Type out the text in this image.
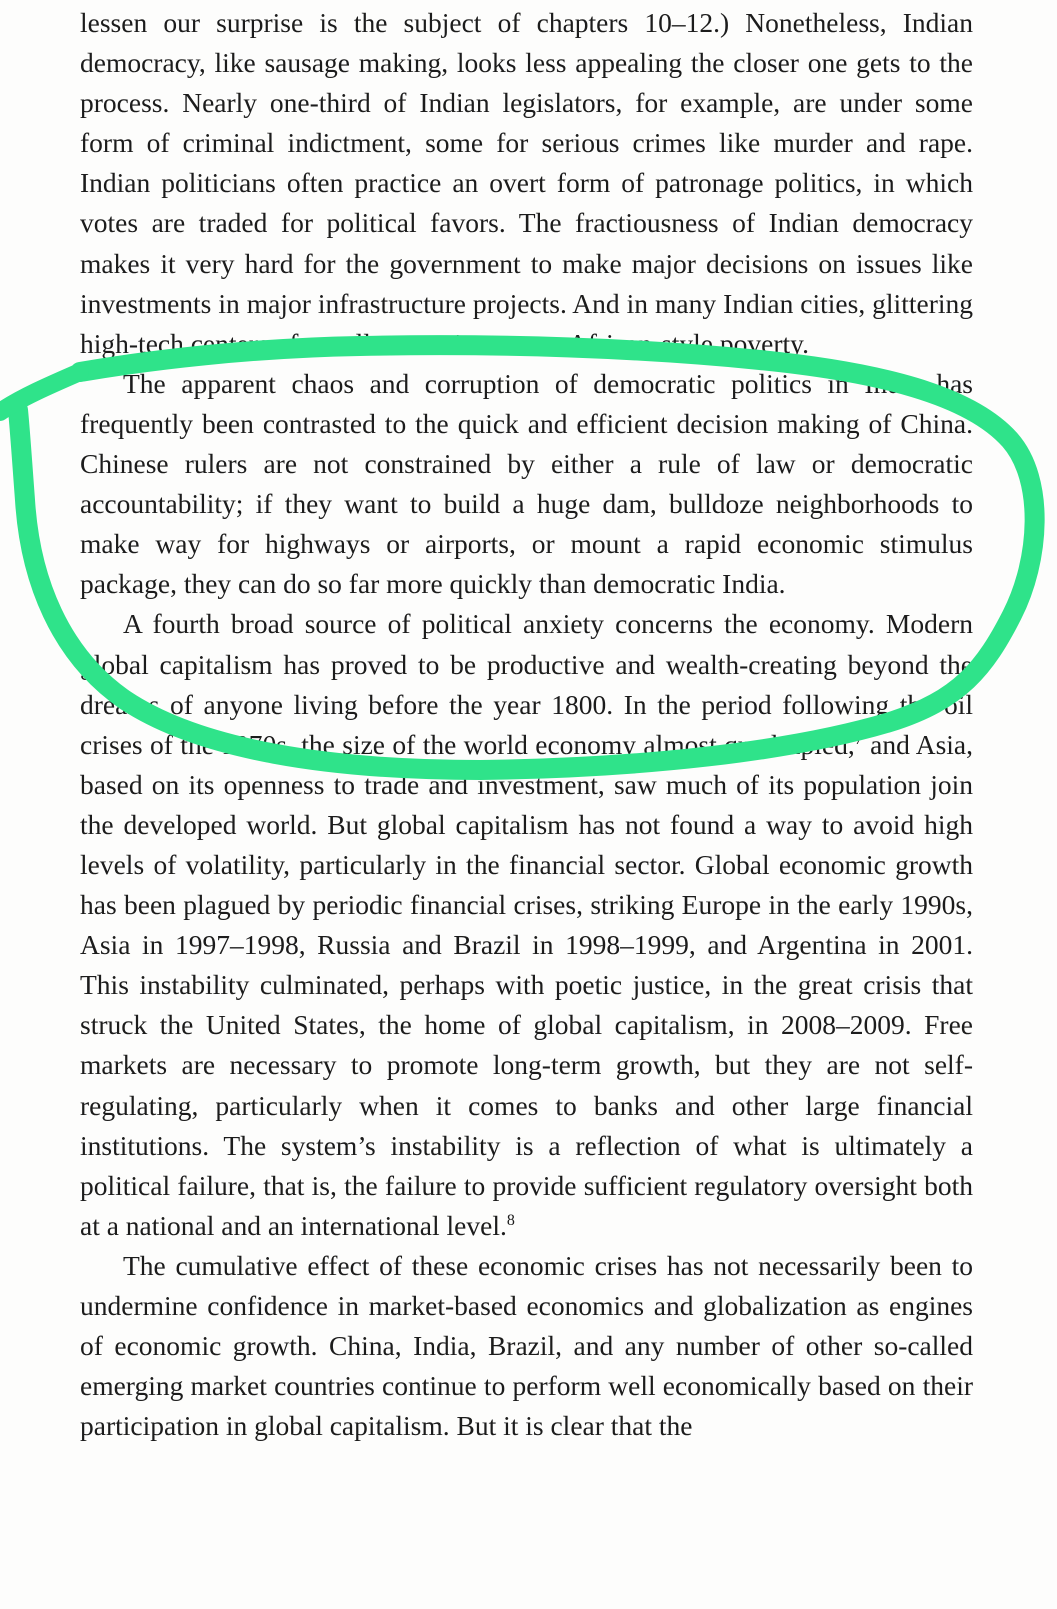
lessen our surprise is the subject of chapters 10–12.) Nonetheless, Indian democracy, like sausage making, looks less appealing the closer one gets to the process. Nearly one-third of Indian legislators, for example, are under some form of criminal indictment, some for serious crimes like murder and rape. Indian politicians often practice an overt form of patronage politics, in which votes are traded for political favors. The fractiousness of Indian democracy makes it very hard for the government to make major decisions on issues like investments in major infrastructure projects. And in many Indian cities, glittering high-tech centers of excellence exist next to African-style poverty.

The apparent chaos and corruption of democratic politics in India has frequently been contrasted to the quick and efficient decision making of China. Chinese rulers are not constrained by either a rule of law or democratic accountability; if they want to build a huge dam, bulldoze neighborhoods to make way for highways or airports, or mount a rapid economic stimulus package, they can do so far more quickly than democratic India.

A fourth broad source of political anxiety concerns the economy. Modern global capitalism has proved to be productive and wealth-creating beyond the dreams of anyone living before the year 1800. In the period following the oil crises of the 1970s, the size of the world economy almost quadrupled,$^7$ and Asia, based on its openness to trade and investment, saw much of its population join the developed world. But global capitalism has not found a way to avoid high levels of volatility, particularly in the financial sector. Global economic growth has been plagued by periodic financial crises, striking Europe in the early 1990s, Asia in 1997–1998, Russia and Brazil in 1998–1999, and Argentina in 2001. This instability culminated, perhaps with poetic justice, in the great crisis that struck the United States, the home of global capitalism, in 2008–2009. Free markets are necessary to promote long-term growth, but they are not self-regulating, particularly when it comes to banks and other large financial institutions. The system’s instability is a reflection of what is ultimately a political failure, that is, the failure to provide sufficient regulatory oversight both at a national and an international level.$^8$

The cumulative effect of these economic crises has not necessarily been to undermine confidence in market-based economics and globalization as engines of economic growth. China, India, Brazil, and any number of other so-called emerging market countries continue to perform well economically based on their participation in global capitalism. But it is clear that the
